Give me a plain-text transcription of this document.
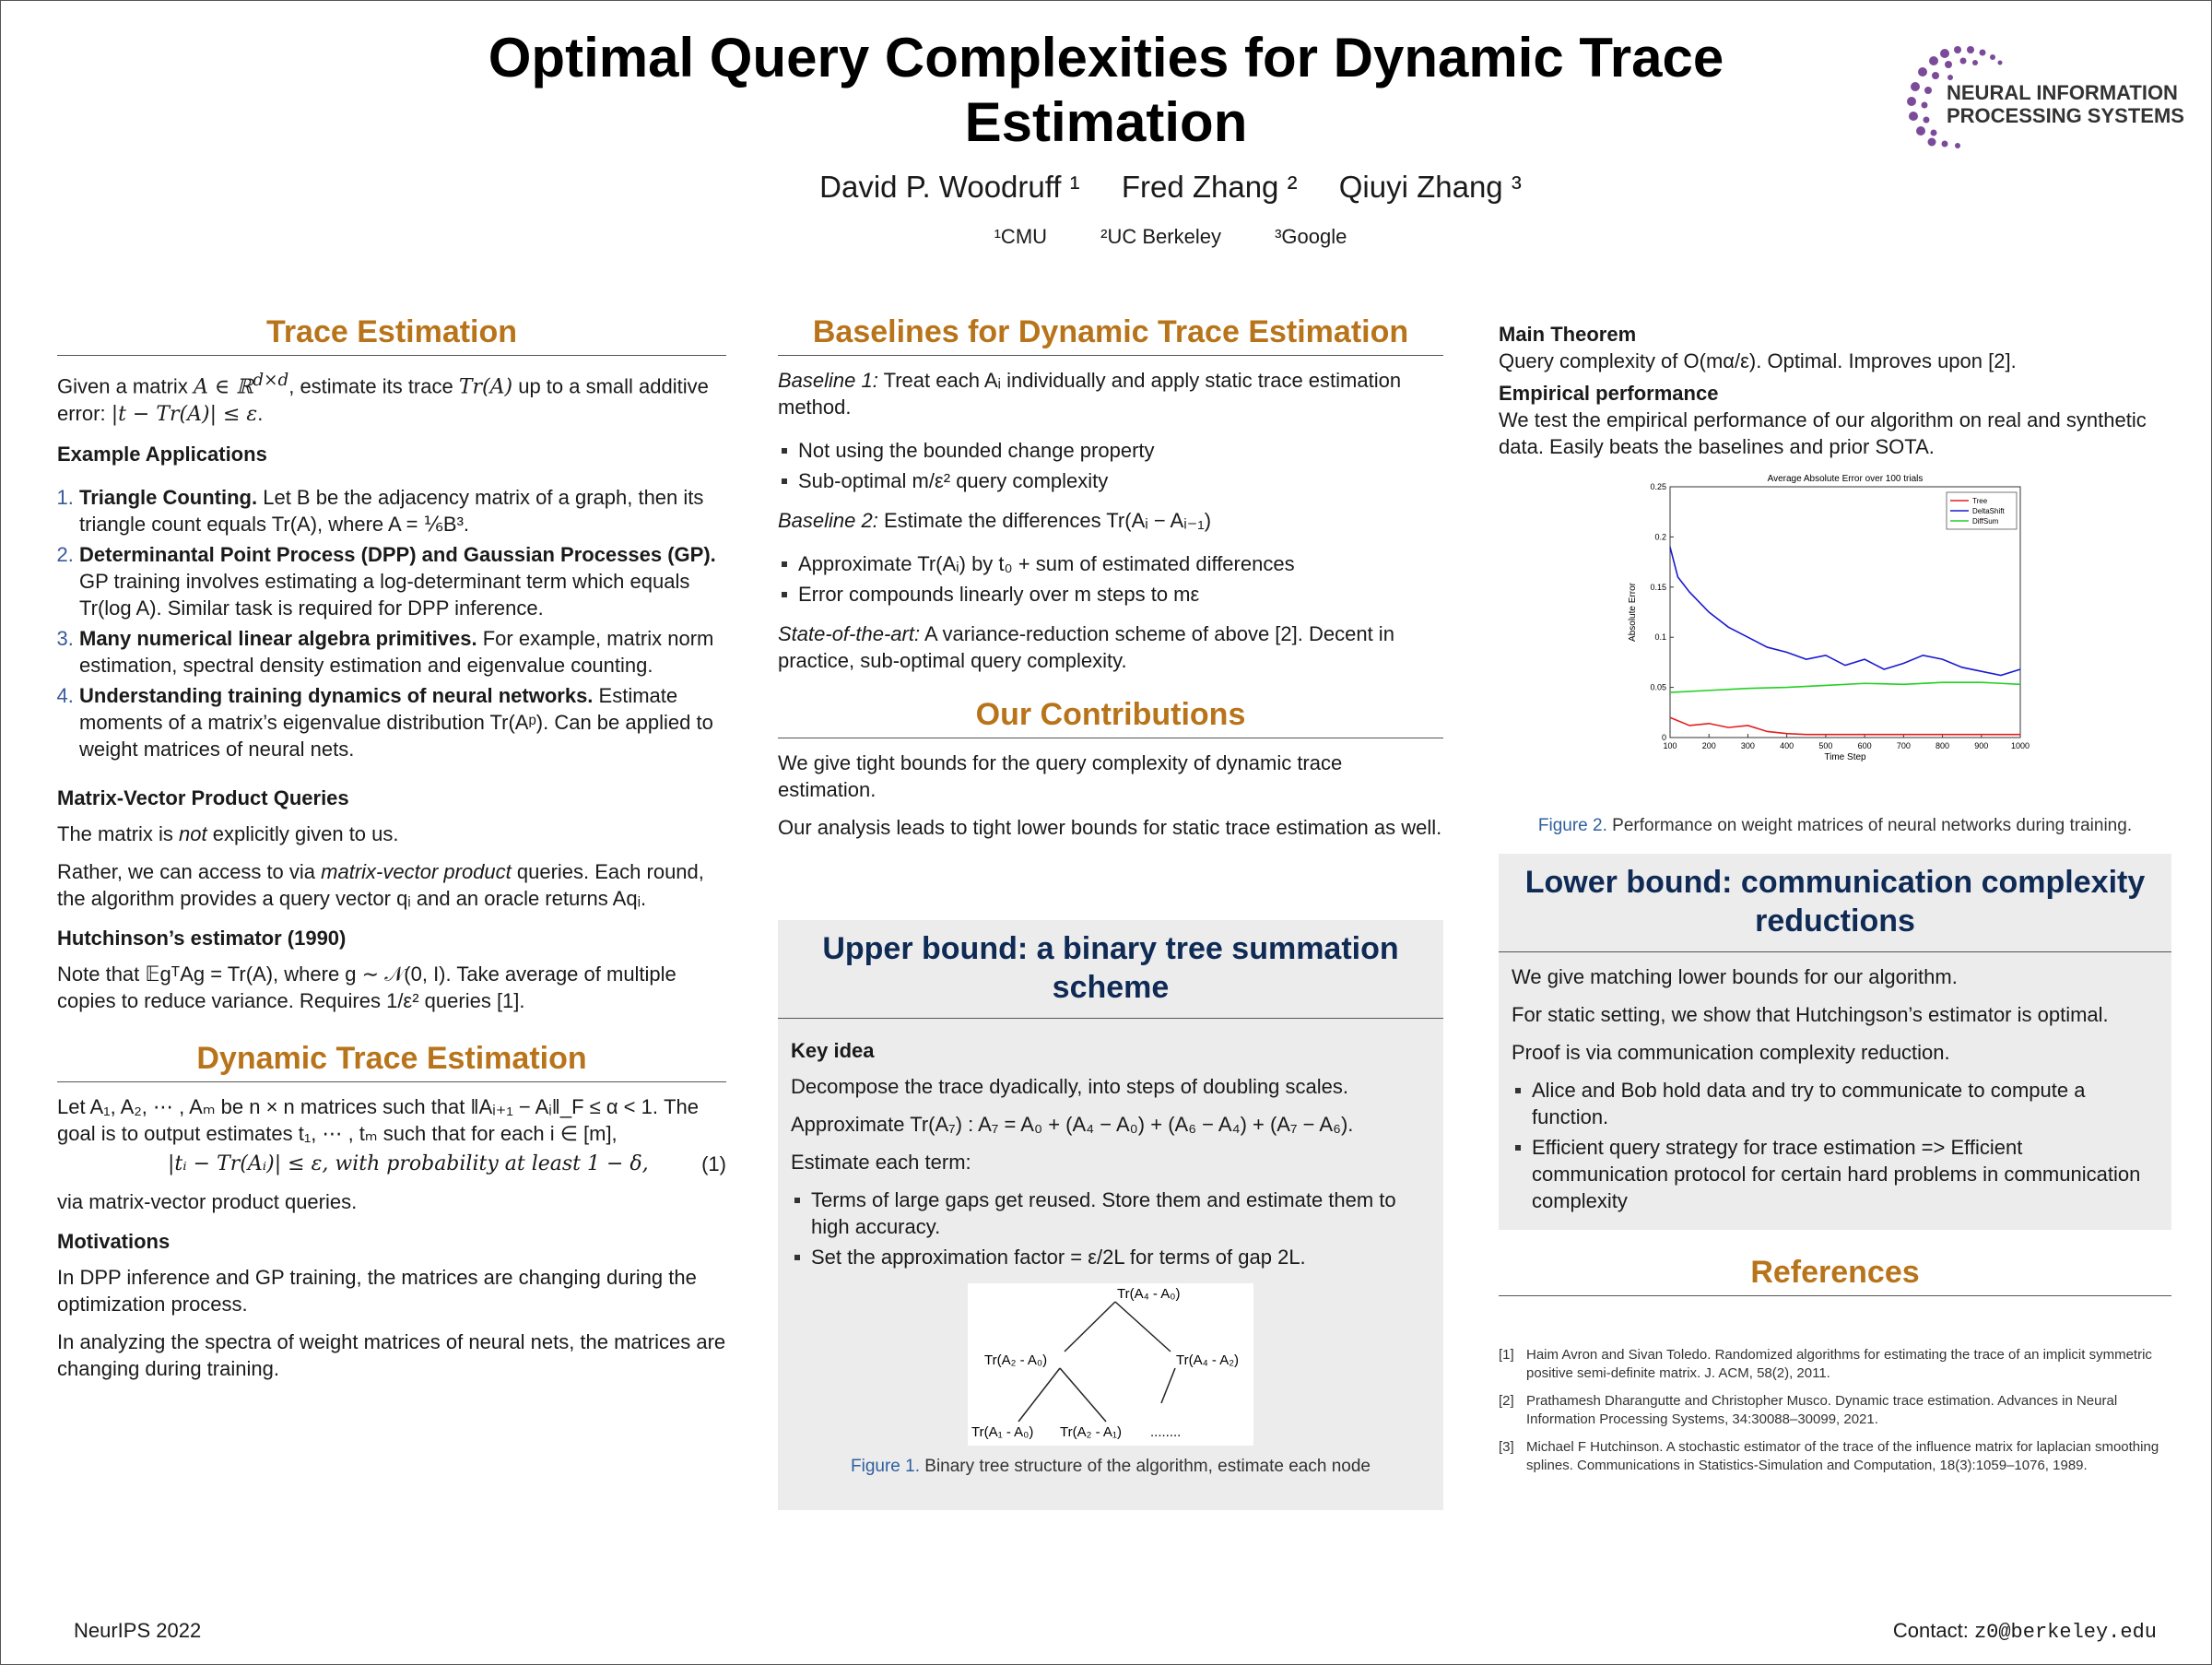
Optimal Query Complexities for Dynamic Trace Estimation
David P. Woodruff ¹ Fred Zhang ² Qiuyi Zhang ³
¹CMU	²UC Berkeley	³Google
NEURAL INFORMATION
PROCESSING SYSTEMS
Trace Estimation

Given a matrix A ∈ ℝ$^{d\times d}$, estimate its trace Tr(A) up to a small additive error: |t − Tr(A)| ≤ ε.

Example Applications
1. Triangle Counting. Let B be the adjacency matrix of a graph, then its triangle count equals Tr(A), where A = ⅙B³.
2. Determinantal Point Process (DPP) and Gaussian Processes (GP). GP training involves estimating a log-determinant term which equals Tr(log A). Similar task is required for DPP inference.
3. Many numerical linear algebra primitives. For example, matrix norm estimation, spectral density estimation and eigenvalue counting.
4. Understanding training dynamics of neural networks. Estimate moments of a matrix’s eigenvalue distribution Tr(Aᵖ). Can be applied to weight matrices of neural nets.
Matrix-Vector Product Queries

The matrix is not explicitly given to us.

Rather, we can access to via matrix-vector product queries. Each round, the algorithm provides a query vector qᵢ and an oracle returns Aqᵢ.

Hutchinson’s estimator (1990)

Note that 𝔼gᵀAg = Tr(A), where g ∼ 𝒩(0, I). Take average of multiple copies to reduce variance. Requires 1/ε² queries [1].

Dynamic Trace Estimation

Let A₁, A₂, ⋯ , Aₘ be n × n matrices such that ‖Aᵢ₊₁ − Aᵢ‖_F ≤ α < 1. The goal is to output estimates t₁, ⋯ , tₘ such that for each i ∈ [m],

|tᵢ − Tr(Aᵢ)| ≤ ε, with probability at least 1 − δ,	(1)

via matrix-vector product queries.

Motivations

In DPP inference and GP training, the matrices are changing during the optimization process.

In analyzing the spectra of weight matrices of neural nets, the matrices are changing during training.

Baselines for Dynamic Trace Estimation

Baseline 1: Treat each Aᵢ individually and apply static trace estimation method.

Not using the bounded change property
Sub-optimal m/ε² query complexity

Baseline 2: Estimate the differences Tr(Aᵢ − Aᵢ₋₁)

Approximate Tr(Aᵢ) by t₀ + sum of estimated differences
Error compounds linearly over m steps to mε

State-of-the-art: A variance-reduction scheme of above [2]. Decent in practice, sub-optimal query complexity.

Our Contributions

We give tight bounds for the query complexity of dynamic trace estimation.

Our analysis leads to tight lower bounds for static trace estimation as well.

Upper bound: a binary tree summation scheme
Key idea

Decompose the trace dyadically, into steps of doubling scales.

Approximate Tr(A₇) : A₇ = A₀ + (A₄ − A₀) + (A₆ − A₄) + (A₇ − A₆).

Estimate each term:

Terms of large gaps get reused. Store them and estimate them to high accuracy.
Set the approximation factor = ε/2L for terms of gap 2L.
Tr(A₄ - A₀)
Tr(A₂ - A₀)	Tr(A₄ - A₂)
Tr(A₁ - A₀) Tr(A₂ - A₁) ........
Figure 1. Binary tree structure of the algorithm, estimate each node
Main Theorem

Query complexity of O(mα/ε). Optimal. Improves upon [2].

Empirical performance

We test the empirical performance of our algorithm on real and synthetic data. Easily beats the baselines and prior SOTA.

Average Absolute Error over 100 trials
100	200	300	400	500	600	700	800	900	1000
0
0.05
0.1
0.15
0.2
0.25
Time Step
Absolute Error
Tree
DeltaShift
DiffSum
Figure 2. Performance on weight matrices of neural networks during training.
Lower bound: communication complexity reductions

We give matching lower bounds for our algorithm.

For static setting, we show that Hutchingson’s estimator is optimal.

Proof is via communication complexity reduction.

Alice and Bob hold data and try to communicate to compute a function.
Efficient query strategy for trace estimation => Efficient communication protocol for certain hard problems in communication complexity
References
[1] Haim Avron and Sivan Toledo. Randomized algorithms for estimating the trace of an implicit symmetric positive semi-definite matrix. J. ACM, 58(2), 2011.
[2] Prathamesh Dharangutte and Christopher Musco. Dynamic trace estimation. Advances in Neural Information Processing Systems, 34:30088–30099, 2021.
[3] Michael F Hutchinson. A stochastic estimator of the trace of the influence matrix for laplacian smoothing splines. Communications in Statistics-Simulation and Computation, 18(3):1059–1076, 1989.
NeurIPS 2022	Contact: z0@berkeley.edu
